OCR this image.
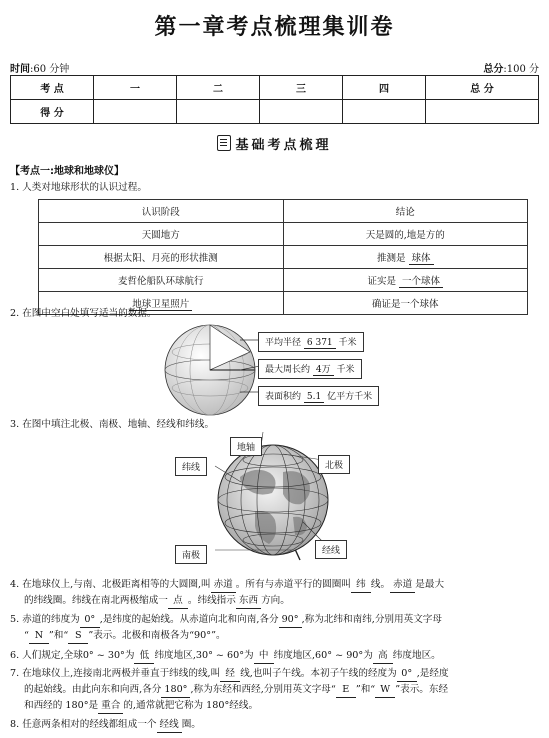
第一章考点梳理集训卷
时间:60 分钟	总分:100 分
考 点	一	二	三	四	总 分
得 分					
基础考点梳理
【考点一:地球和地球仪】
1. 人类对地球形状的认识过程。
认识阶段	结论
天圆地方	天是圆的,地是方的
根据太阳、月亮的形状推测	推测是 球体
麦哲伦船队环球航行	证实是 一个球体
地球卫星照片	确证是一个球体
2. 在图中空白处填写适当的数据。
平均半径 6 371 千米
最大周长约 4万 千米
表面积约 5.1 亿平方千米
3. 在图中填注北极、南极、地轴、经线和纬线。
地轴
纬线	北极
南极	经线
4. 在地球仪上,与南、北极距离相等的大圆圈,叫 赤道 。所有与赤道平行的圆圈叫 纬 线。 赤道 是最大
的纬线圈。纬线在南北两极缩成一 点 。纬线指示 东西 方向。
5. 赤道的纬度为 0° ,是纬度的起始线。从赤道向北和向南,各分 90° ,称为北纬和南纬,分别用英文字母
“ N ”和“ S ”表示。北极和南极各为“90°”。
6. 人们规定,全球0° ~ 30°为 低 纬度地区,30° ~ 60°为 中 纬度地区,60° ~ 90°为 高 纬度地区。
7. 在地球仪上,连接南北两极并垂直于纬线的线,叫 经 线,也叫子午线。本初子午线的经度为 0° ,是经度
的起始线。由此向东和向西,各分 180° ,称为东经和西经,分别用英文字母“ E ”和“ W ”表示。东经
和西经的 180°是 重合 的,通常就把它称为 180°经线。
8. 任意两条相对的经线都组成一个 经线 圈。
